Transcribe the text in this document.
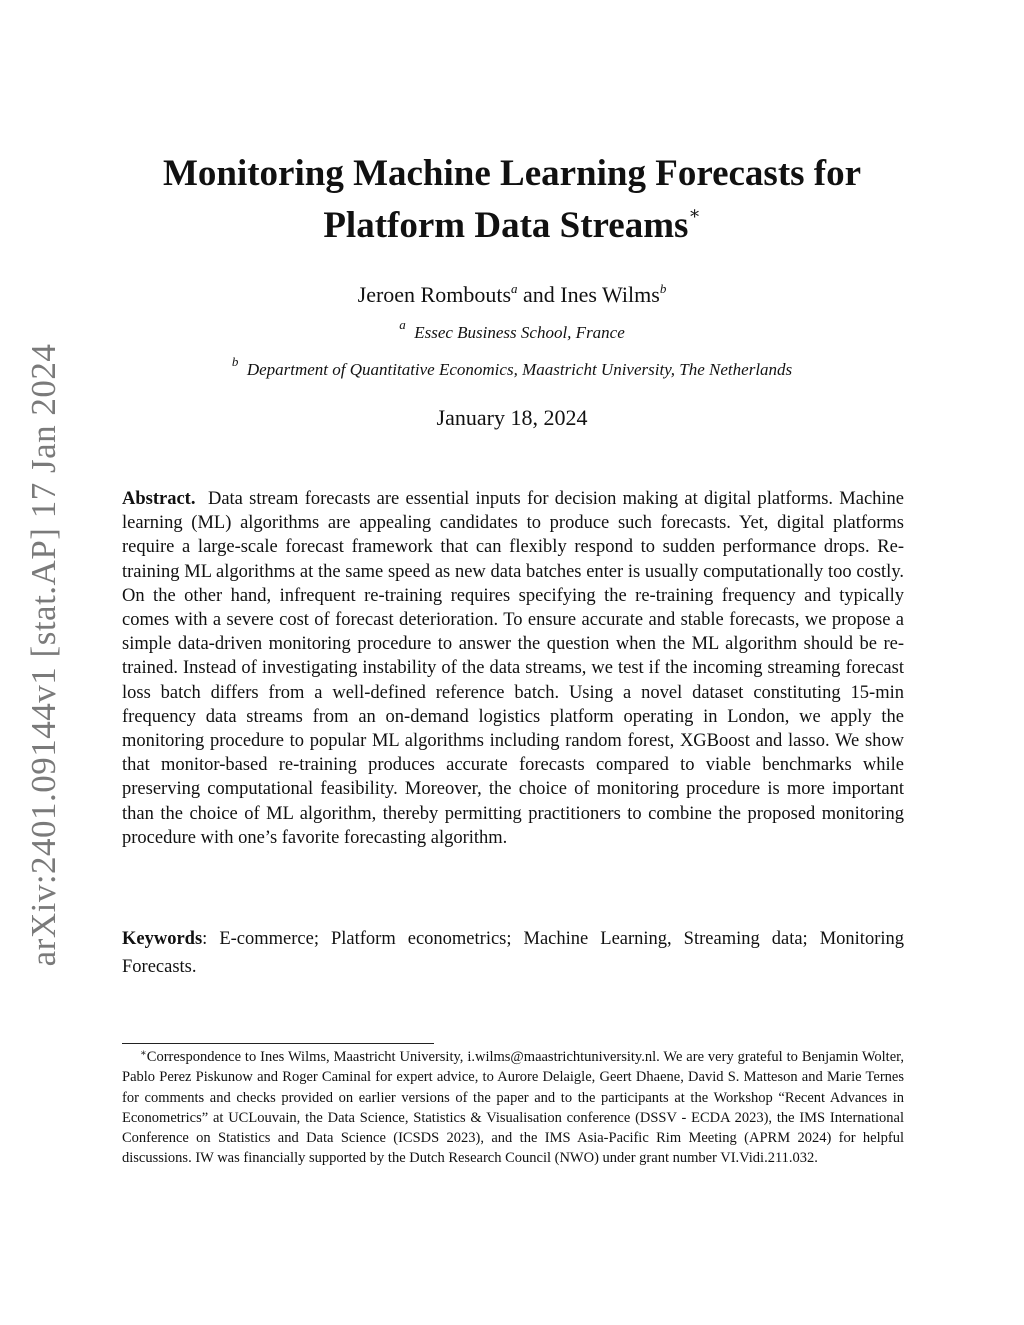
arXiv:2401.09144v1 [stat.AP] 17 Jan 2024
Monitoring Machine Learning Forecasts for
Platform Data Streams∗
Jeroen Rombouts$^a$ and Ines Wilms$^b$
$^a$ Essec Business School, France
$^b$ Department of Quantitative Economics, Maastricht University, The Netherlands
January 18, 2024
Abstract. Data stream forecasts are essential inputs for decision making at digital platforms. Machine learning (ML) algorithms are appealing candidates to produce such forecasts. Yet, digital platforms require a large-scale forecast framework that can flexibly respond to sudden performance drops. Re-training ML algorithms at the same speed as new data batches enter is usually computationally too costly. On the other hand, infrequent re-training requires specifying the re-training frequency and typically comes with a severe cost of forecast deterioration. To ensure accurate and stable forecasts, we propose a simple data-driven monitoring procedure to answer the question when the ML algorithm should be re-trained. Instead of investigating instability of the data streams, we test if the incoming streaming forecast loss batch differs from a well-defined reference batch. Using a novel dataset constituting 15-min frequency data streams from an on-demand logistics platform operating in London, we apply the monitoring procedure to popular ML algorithms including random forest, XGBoost and lasso. We show that monitor-based re-training produces accurate forecasts compared to viable benchmarks while preserving computational feasibility. Moreover, the choice of monitoring procedure is more important than the choice of ML algorithm, thereby permitting practitioners to combine the proposed monitoring procedure with one’s favorite forecasting algorithm.
Keywords: E-commerce; Platform econometrics; Machine Learning, Streaming data; Monitoring Forecasts.
∗Correspondence to Ines Wilms, Maastricht University, i.wilms@maastrichtuniversity.nl. We are very grateful to Benjamin Wolter, Pablo Perez Piskunow and Roger Caminal for expert advice, to Aurore Delaigle, Geert Dhaene, David S. Matteson and Marie Ternes for comments and checks provided on earlier versions of the paper and to the participants at the Workshop “Recent Advances in Econometrics” at UCLouvain, the Data Science, Statistics & Visualisation conference (DSSV - ECDA 2023), the IMS International Conference on Statistics and Data Science (ICSDS 2023), and the IMS Asia-Pacific Rim Meeting (APRM 2024) for helpful discussions. IW was financially supported by the Dutch Research Council (NWO) under grant number VI.Vidi.211.032.
